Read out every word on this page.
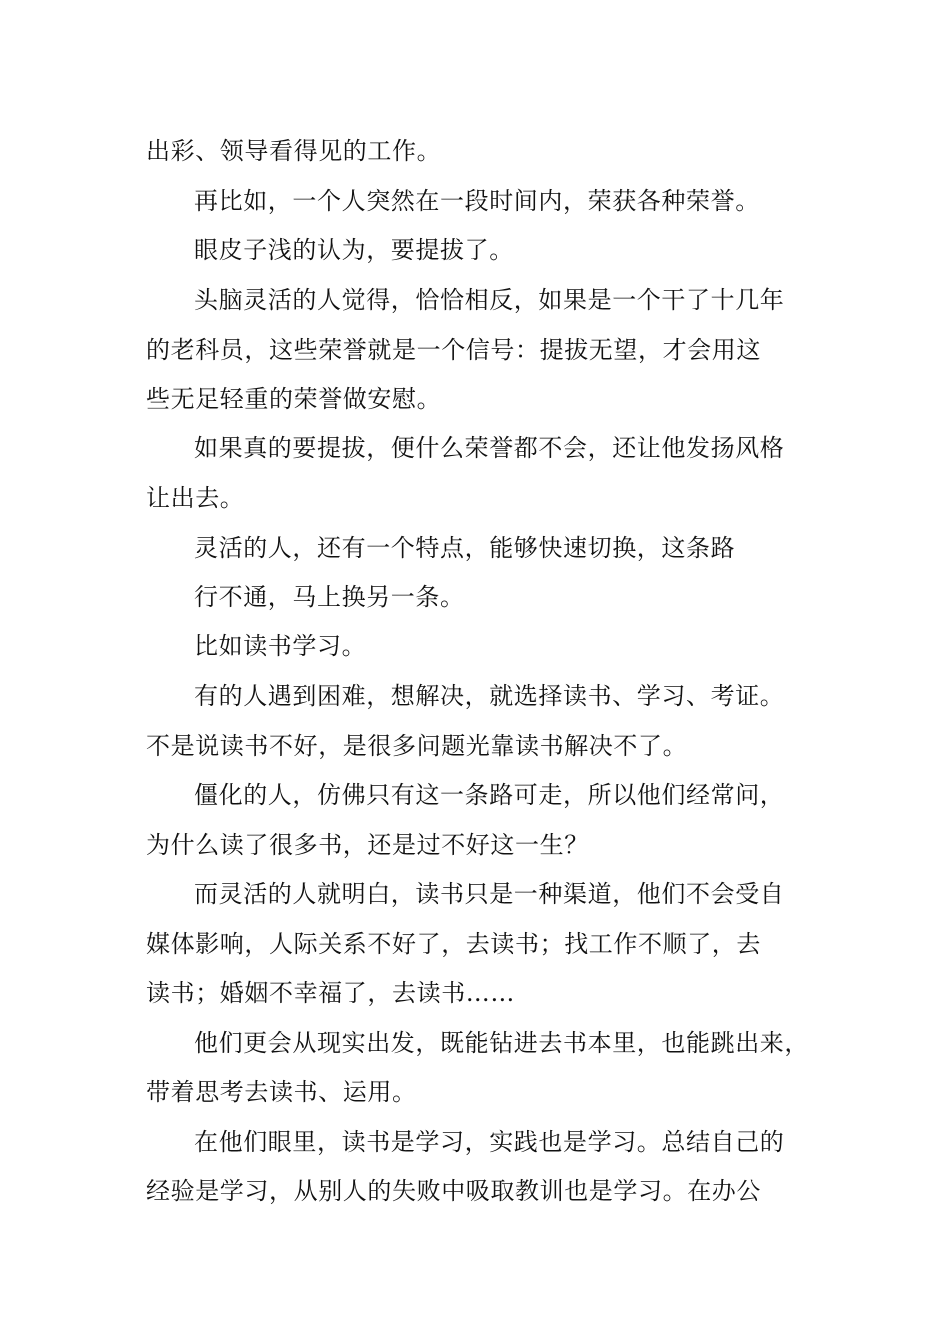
出彩、领导看得见的工作。
再比如，一个人突然在一段时间内，荣获各种荣誉。
眼皮子浅的认为，要提拔了。
头脑灵活的人觉得，恰恰相反，如果是一个干了十几年
的老科员，这些荣誉就是一个信号：提拔无望，才会用这
些无足轻重的荣誉做安慰。
如果真的要提拔，便什么荣誉都不会，还让他发扬风格
让出去。
灵活的人，还有一个特点，能够快速切换，这条路
行不通，马上换另一条。
比如读书学习。
有的人遇到困难，想解决，就选择读书、学习、考证。
不是说读书不好，是很多问题光靠读书解决不了。
僵化的人，仿佛只有这一条路可走，所以他们经常问，
为什么读了很多书，还是过不好这一生？
而灵活的人就明白，读书只是一种渠道，他们不会受自
媒体影响，人际关系不好了，去读书；找工作不顺了，去
读书；婚姻不幸福了，去读书……
他们更会从现实出发，既能钻进去书本里，也能跳出来，
带着思考去读书、运用。
在他们眼里，读书是学习，实践也是学习。总结自己的
经验是学习，从别人的失败中吸取教训也是学习。在办公
